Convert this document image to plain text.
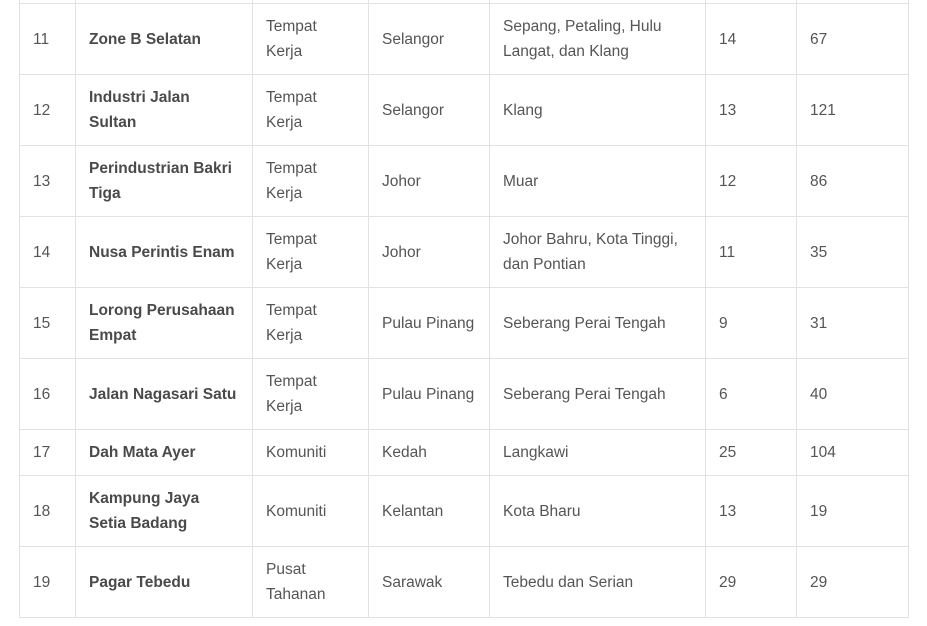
11	Zone B Selatan	Tempat Kerja	Selangor	Sepang, Petaling, Hulu Langat, dan Klang	14	67
12	Industri Jalan Sultan	Tempat Kerja	Selangor	Klang	13	121
13	Perindustrian Bakri Tiga	Tempat Kerja	Johor	Muar	12	86
14	Nusa Perintis Enam	Tempat Kerja	Johor	Johor Bahru, Kota Tinggi, dan Pontian	11	35
15	Lorong Perusahaan Empat	Tempat Kerja	Pulau Pinang	Seberang Perai Tengah	9	31
16	Jalan Nagasari Satu	Tempat Kerja	Pulau Pinang	Seberang Perai Tengah	6	40
17	Dah Mata Ayer	Komuniti	Kedah	Langkawi	25	104
18	Kampung Jaya Setia Badang	Komuniti	Kelantan	Kota Bharu	13	19
19	Pagar Tebedu	Pusat Tahanan	Sarawak	Tebedu dan Serian	29	29
